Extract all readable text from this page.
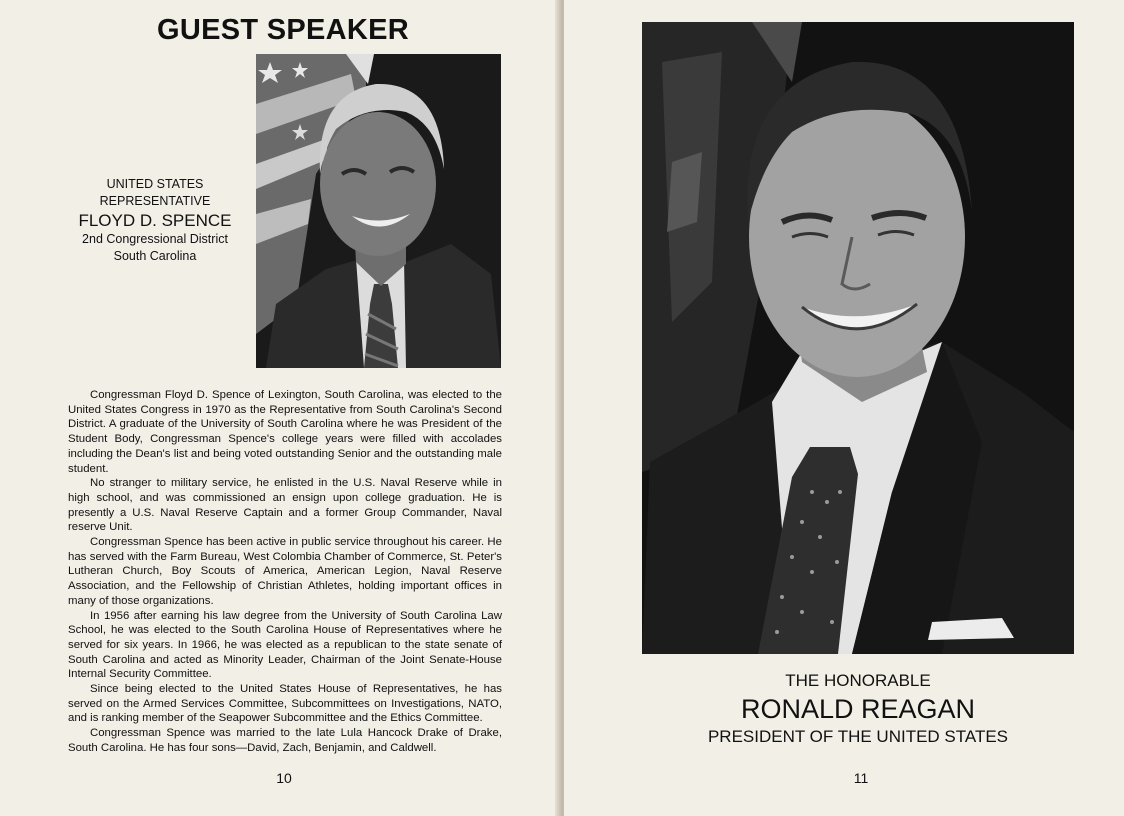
GUEST SPEAKER
UNITED STATES REPRESENTATIVE
FLOYD D. SPENCE
2nd Congressional District
South Carolina

Congressman Floyd D. Spence of Lexington, South Carolina, was elected to the United States Congress in 1970 as the Representative from South Carolina's Second District. A graduate of the University of South Carolina where he was President of the Student Body, Congressman Spence's college years were filled with accolades including the Dean's list and being voted outstanding Senior and the outstanding male student.

No stranger to military service, he enlisted in the U.S. Naval Reserve while in high school, and was commissioned an ensign upon college graduation. He is presently a U.S. Naval Reserve Captain and a former Group Commander, Naval reserve Unit.

Congressman Spence has been active in public service throughout his career. He has served with the Farm Bureau, West Colombia Chamber of Commerce, St. Peter's Lutheran Church, Boy Scouts of America, American Legion, Naval Reserve Association, and the Fellowship of Christian Athletes, holding important offices in many of those organizations.

In 1956 after earning his law degree from the University of South Carolina Law School, he was elected to the South Carolina House of Representatives where he served for six years. In 1966, he was elected as a republican to the state senate of South Carolina and acted as Minority Leader, Chairman of the Joint Senate-House Internal Security Committee.

Since being elected to the United States House of Representatives, he has served on the Armed Services Committee, Subcommittees on Investigations, NATO, and is ranking member of the Seapower Subcommittee and the Ethics Committee.

Congressman Spence was married to the late Lula Hancock Drake of Drake, South Carolina. He has four sons—David, Zach, Benjamin, and Caldwell.

10	11
THE HONORABLE
RONALD REAGAN
PRESIDENT OF THE UNITED STATES
